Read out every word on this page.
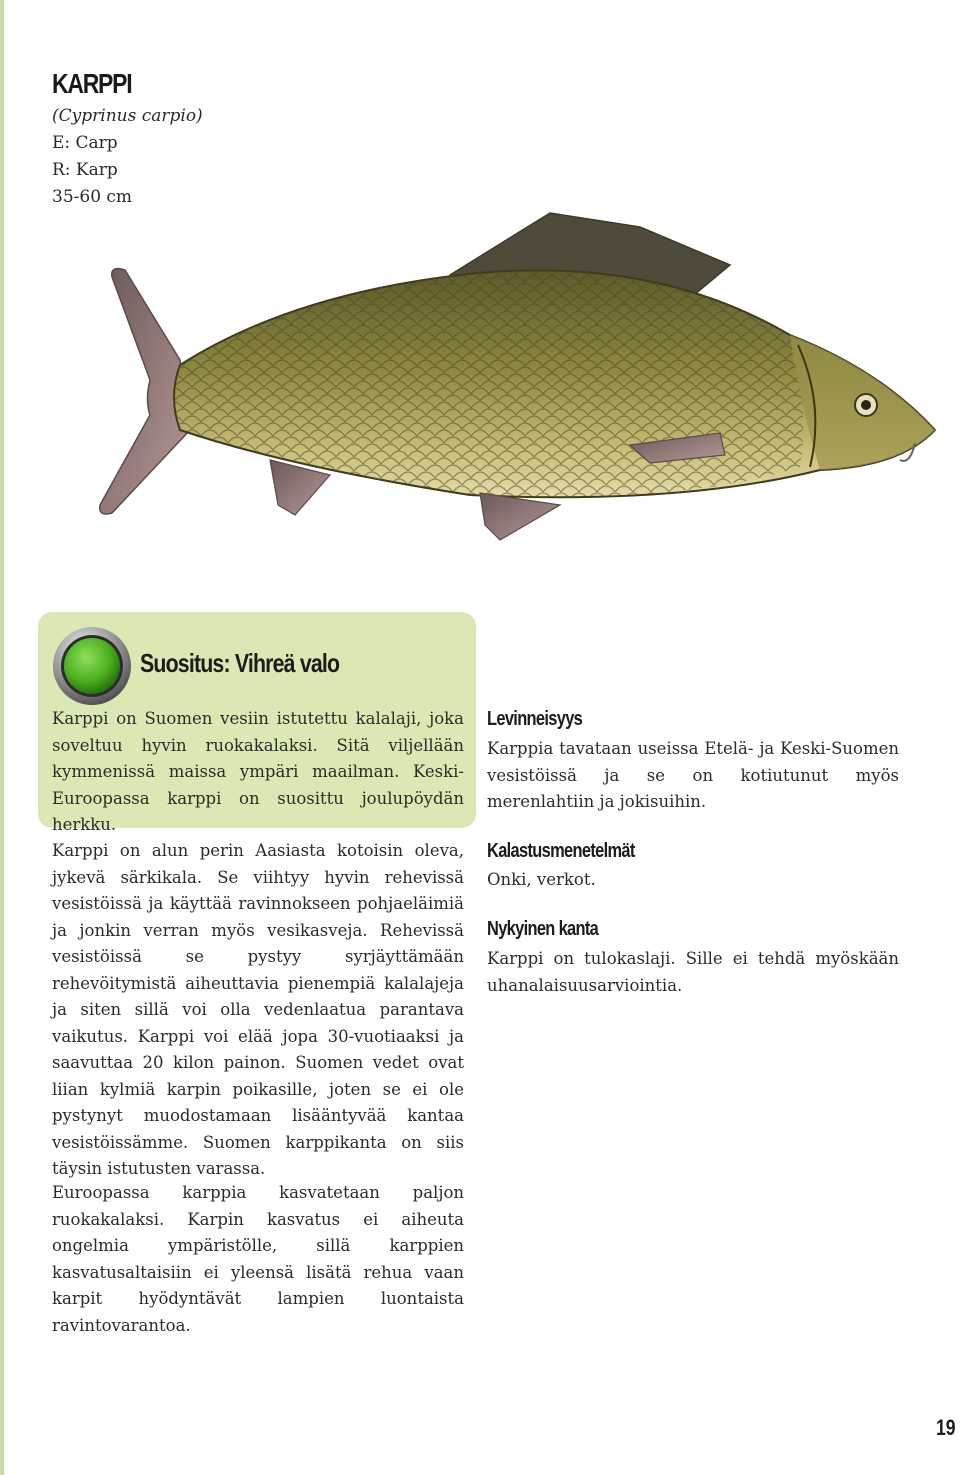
KARPPI
(Cyprinus carpio)
E: Carp
R: Karp
35-60 cm
Suositus: Vihreä valo
Karppi on Suomen vesiin istutettu kalalaji, joka soveltuu hyvin ruokakalaksi. Sitä viljellään kymmenissä maissa ympäri maailman. Keski-Euroopassa karppi on suosittu joulupöydän herkku.
Karppi on alun perin Aasiasta kotoisin oleva, jykevä särkikala. Se viihtyy hyvin rehevissä vesistöissä ja käyttää ravinnokseen pohjaeläimiä ja jonkin verran myös vesikasveja. Rehevissä vesistöissä se pystyy syrjäyttämään rehevöitymistä aiheuttavia pienempiä kalalajeja ja siten sillä voi olla vedenlaatua parantava vaikutus. Karppi voi elää jopa 30-vuotiaaksi ja saavuttaa 20 kilon painon. Suomen vedet ovat liian kylmiä karpin poikasille, joten se ei ole pystynyt muodostamaan lisääntyvää kantaa vesistöissämme. Suomen karppikanta on siis täysin istutusten varassa.
Euroopassa karppia kasvatetaan paljon ruokakalaksi. Karpin kasvatus ei aiheuta ongelmia ympäristölle, sillä karppien kasvatusaltaisiin ei yleensä lisätä rehua vaan karpit hyödyntävät lampien luontaista ravintovarantoa.
Levinneisyys
Karppia tavataan useissa Etelä- ja Keski-Suomen vesistöissä ja se on kotiutunut myös merenlahtiin ja jokisuihin.
Kalastusmenetelmät
Onki, verkot.
Nykyinen kanta
Karppi on tulokaslaji. Sille ei tehdä myöskään uhanalaisuusarviointia.
19
